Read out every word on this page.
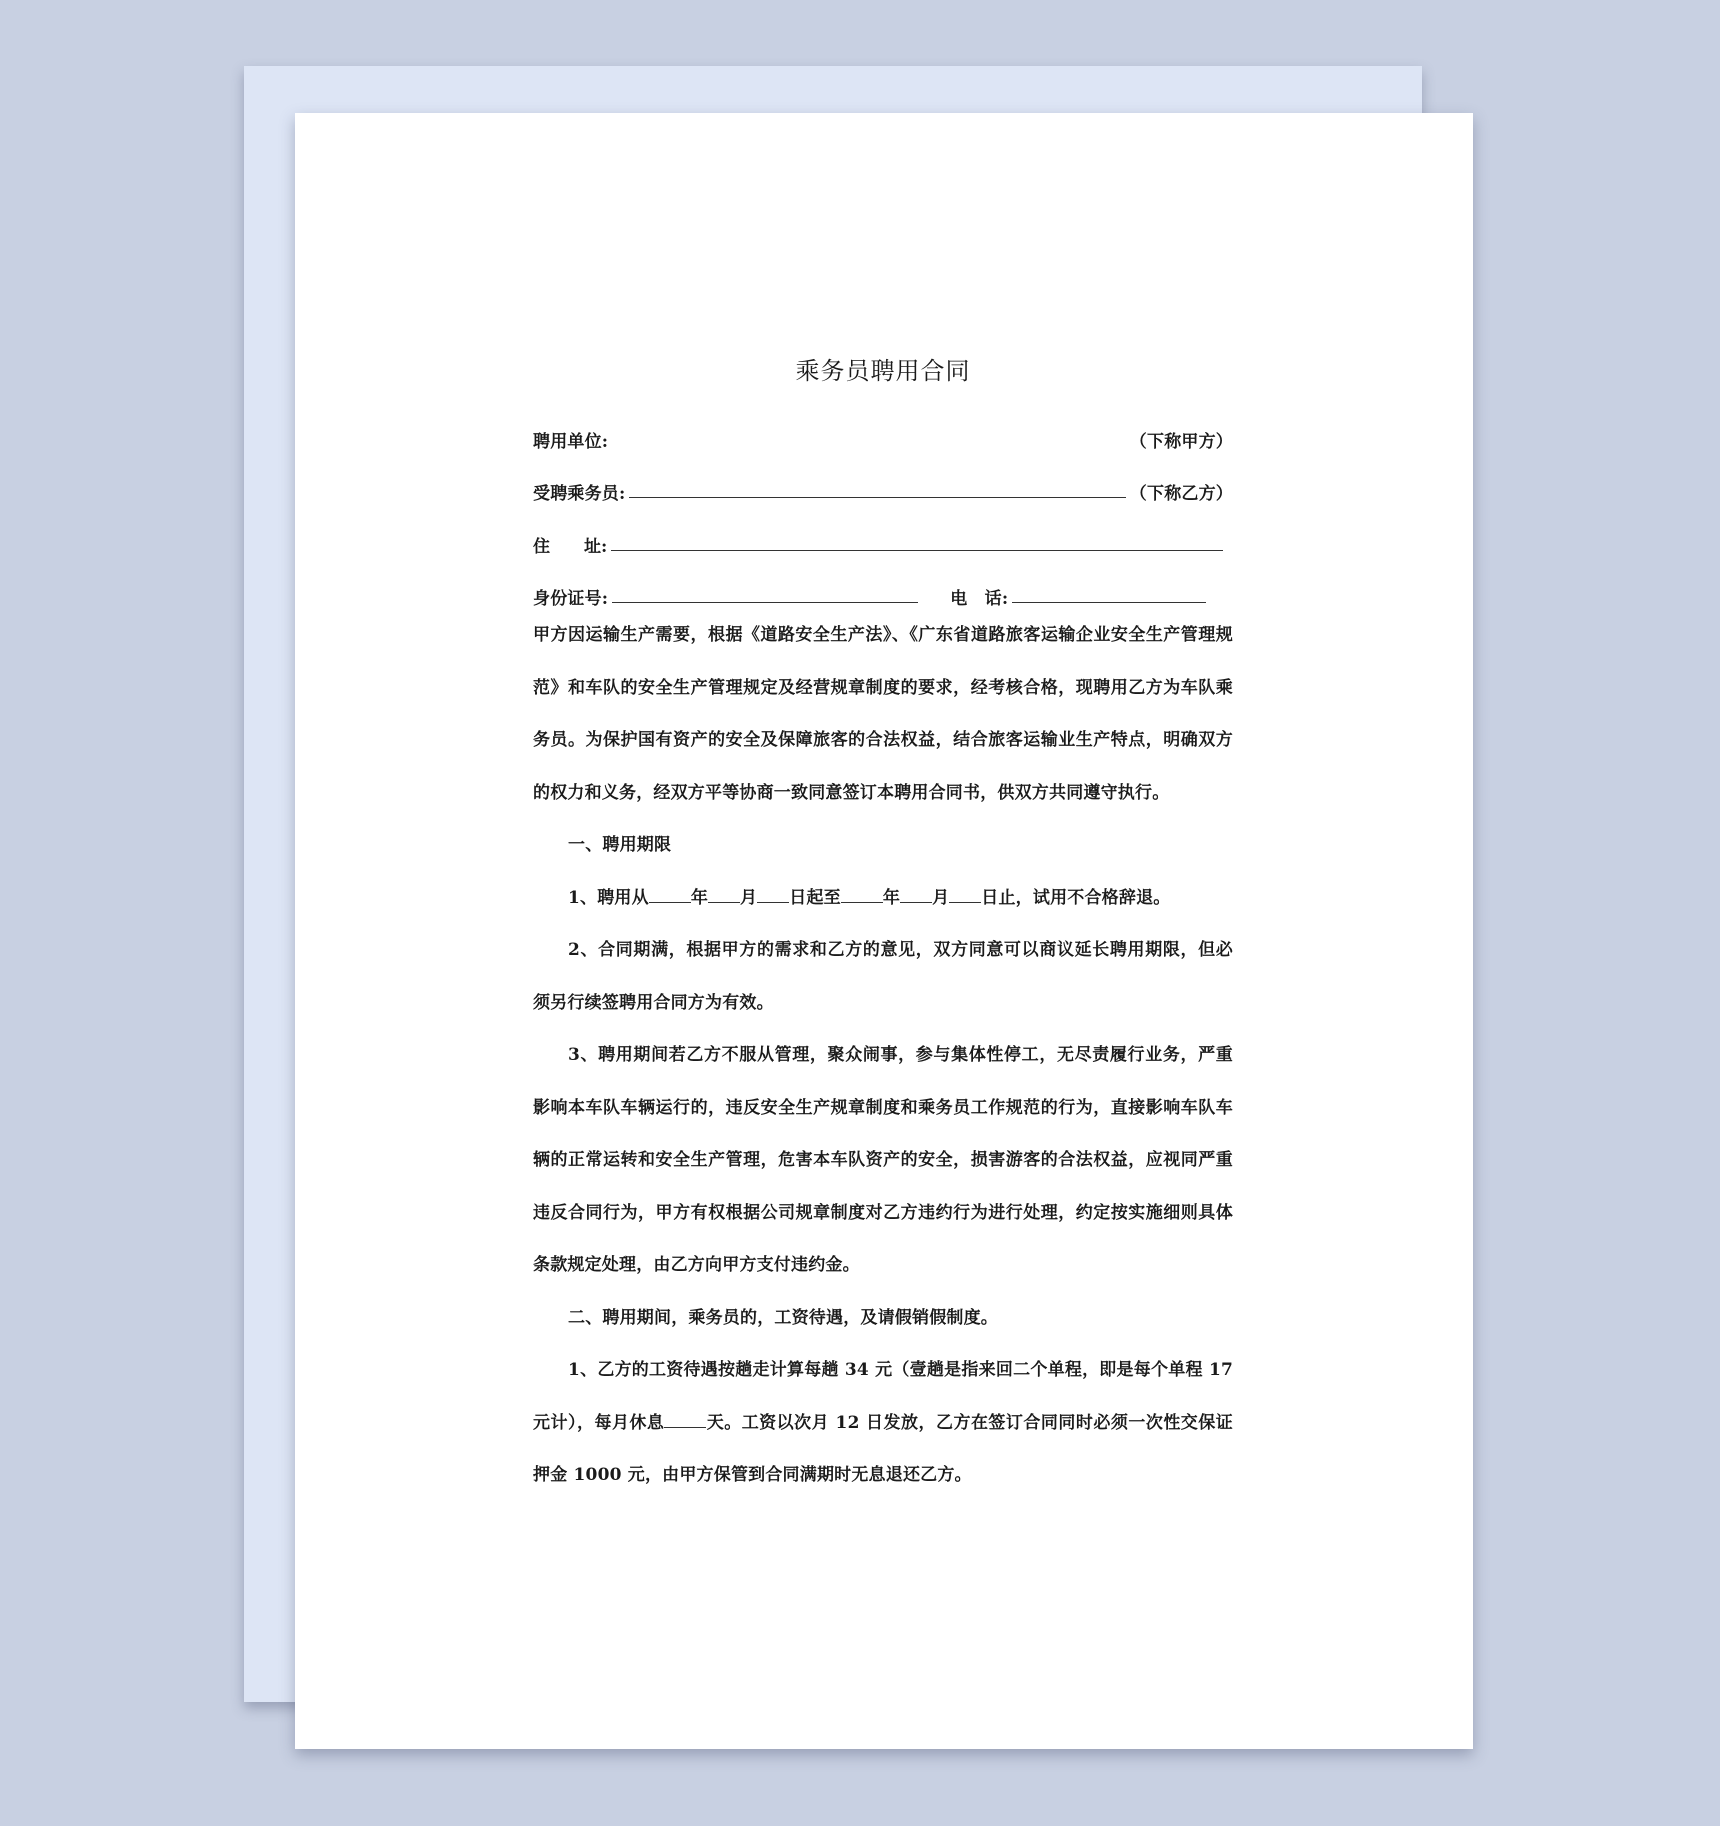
乘务员聘用合同
聘用单位:	（下称甲方）
受聘乘务员:	（下称乙方）
住　　址:
身份证号:	电　话:

甲方因运输生产需要，根据《道路安全生产法》、《广东省道路旅客运输企业安全生产管理规范》和车队的安全生产管理规定及经营规章制度的要求，经考核合格，现聘用乙方为车队乘务员。为保护国有资产的安全及保障旅客的合法权益，结合旅客运输业生产特点，明确双方的权力和义务，经双方平等协商一致同意签订本聘用合同书，供双方共同遵守执行。

一、聘用期限

1、聘用从 年 月 日起至 年 月 日止，试用不合格辞退。

2、合同期满，根据甲方的需求和乙方的意见，双方同意可以商议延长聘用期限，但必须另行续签聘用合同方为有效。

3、聘用期间若乙方不服从管理，聚众闹事，参与集体性停工，无尽责履行业务，严重影响本车队车辆运行的，违反安全生产规章制度和乘务员工作规范的行为，直接影响车队车辆的正常运转和安全生产管理，危害本车队资产的安全，损害游客的合法权益，应视同严重违反合同行为，甲方有权根据公司规章制度对乙方违约行为进行处理，约定按实施细则具体条款规定处理，由乙方向甲方支付违约金。

二、聘用期间，乘务员的，工资待遇，及请假销假制度。

1、乙方的工资待遇按趟走计算每趟 34 元（壹趟是指来回二个单程，即是每个单程 17 元计），每月休息 天。工资以次月 12 日发放，乙方在签订合同同时必须一次性交保证押金 1000 元，由甲方保管到合同满期时无息退还乙方。
